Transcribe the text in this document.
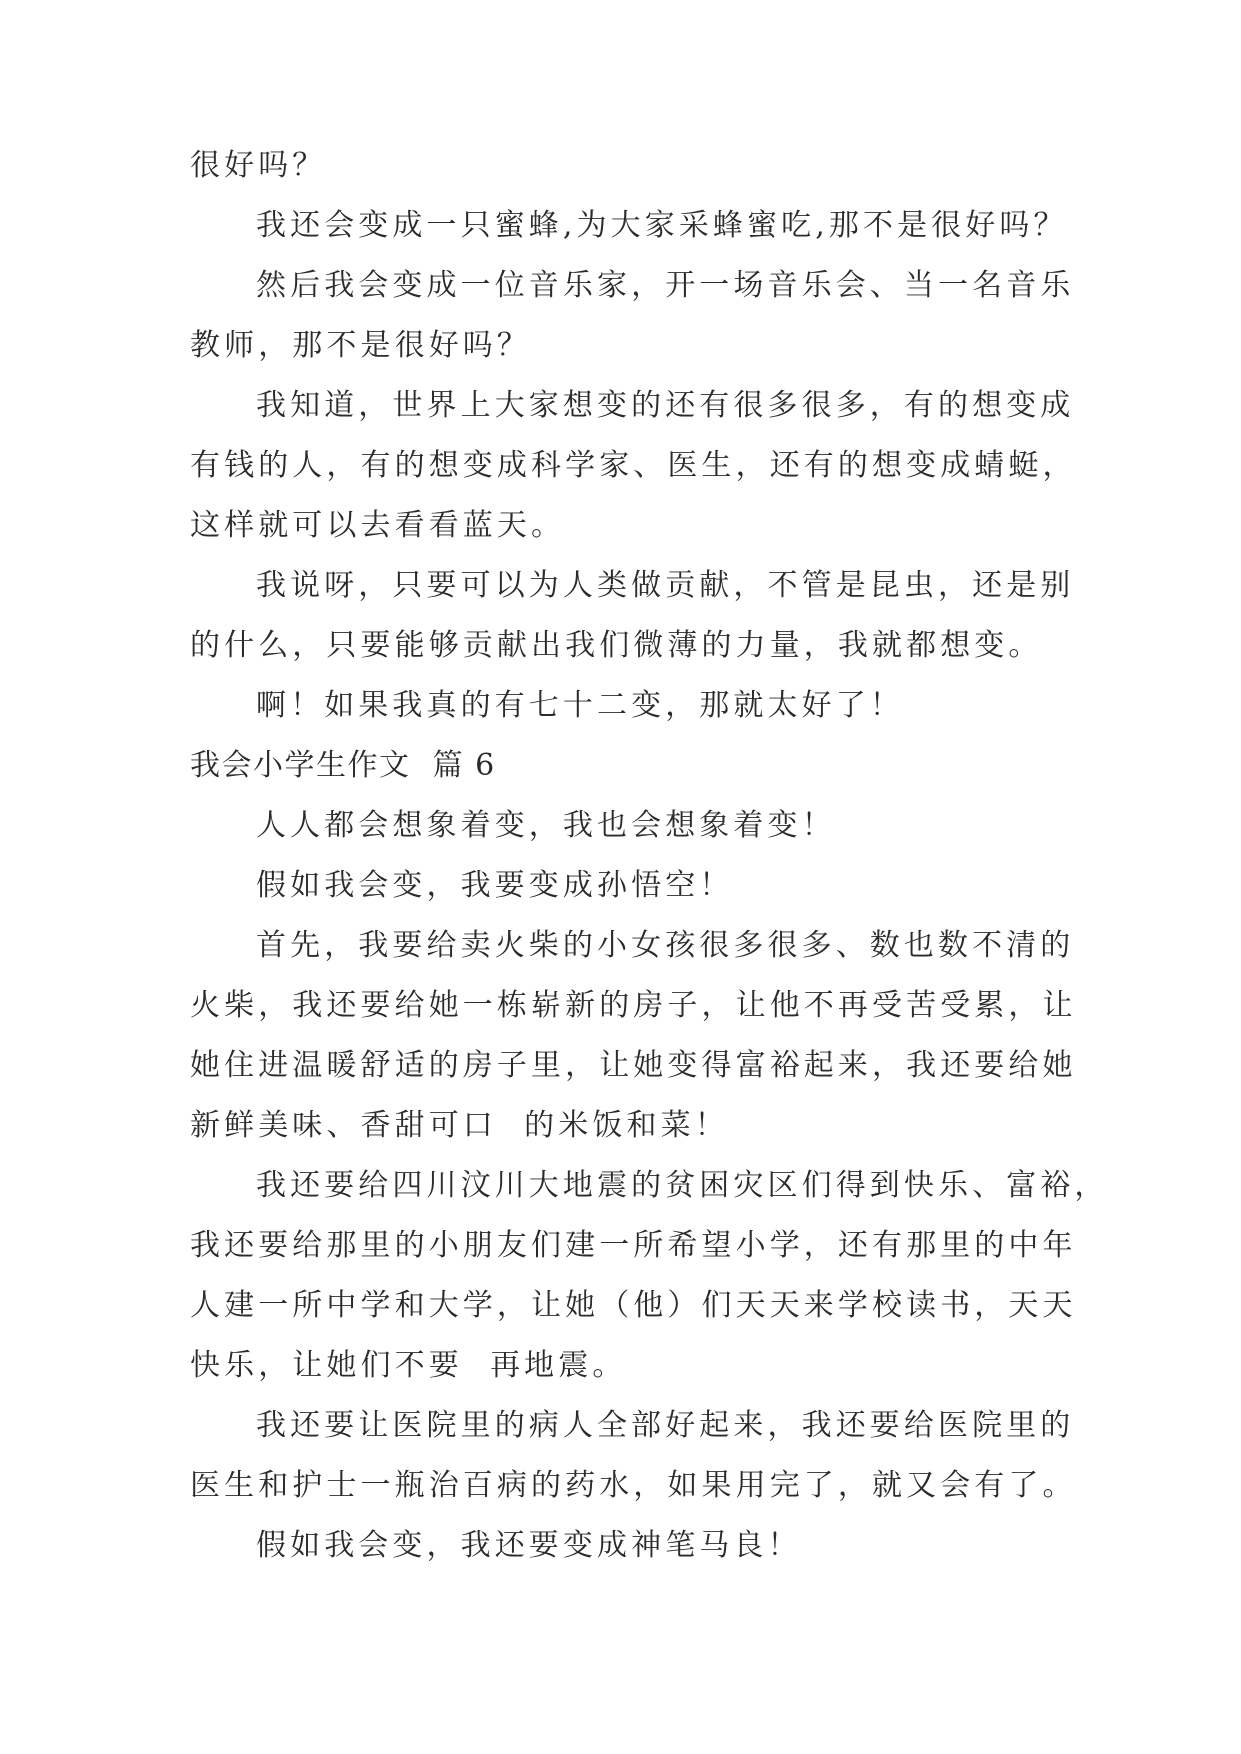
很好吗？

我还会变成一只蜜蜂,为大家采蜂蜜吃,那不是很好吗？

然后我会变成一位音乐家，开一场音乐会、当一名音乐

教师，那不是很好吗？

我知道，世界上大家想变的还有很多很多，有的想变成

有钱的人，有的想变成科学家、医生，还有的想变成蜻蜓，

这样就可以去看看蓝天。

我说呀，只要可以为人类做贡献，不管是昆虫，还是别

的什么，只要能够贡献出我们微薄的力量，我就都想变。

啊！如果我真的有七十二变，那就太好了！

我会小学生作文  篇 6

人人都会想象着变，我也会想象着变！

假如我会变，我要变成孙悟空！

首先，我要给卖火柴的小女孩很多很多、数也数不清的

火柴，我还要给她一栋崭新的房子，让他不再受苦受累，让

她住进温暖舒适的房子里，让她变得富裕起来，我还要给她

新鲜美味、香甜可口  的米饭和菜！

我还要给四川汶川大地震的贫困灾区们得到快乐、富裕，

我还要给那里的小朋友们建一所希望小学，还有那里的中年

人建一所中学和大学，让她（他）们天天来学校读书，天天

快乐，让她们不要  再地震。

我还要让医院里的病人全部好起来，我还要给医院里的

医生和护士一瓶治百病的药水，如果用完了，就又会有了。

假如我会变，我还要变成神笔马良！
